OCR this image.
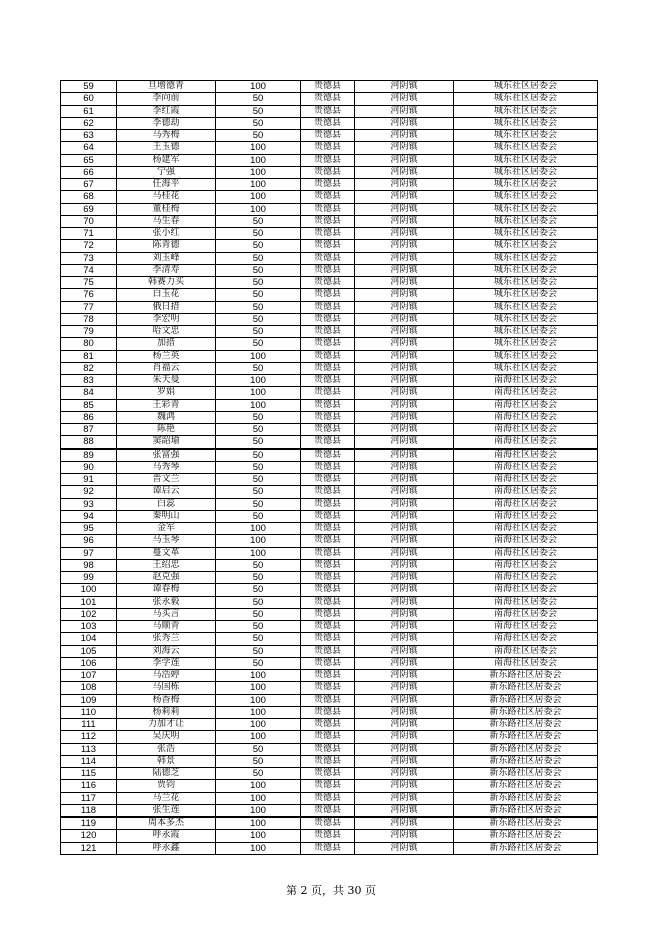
59	旦增德青	100	贵德县	河阴镇	城东社区居委会
60	李向前	50	贵德县	河阴镇	城东社区居委会
61	李红霞	50	贵德县	河阴镇	城东社区居委会
62	李德劫	50	贵德县	河阴镇	城东社区居委会
63	马秀梅	50	贵德县	河阴镇	城东社区居委会
64	王玉德	100	贵德县	河阴镇	城东社区居委会
65	杨建军	100	贵德县	河阴镇	城东社区居委会
66	宁强	100	贵德县	河阴镇	城东社区居委会
67	任海平	100	贵德县	河阴镇	城东社区居委会
68	马桂花	100	贵德县	河阴镇	城东社区居委会
69	董桂梅	100	贵德县	河阴镇	城东社区居委会
70	马生春	50	贵德县	河阴镇	城东社区居委会
71	张小红	50	贵德县	河阴镇	城东社区居委会
72	陈青德	50	贵德县	河阴镇	城东社区居委会
73	刘玉峰	50	贵德县	河阴镇	城东社区居委会
74	李清寿	50	贵德县	河阴镇	城东社区居委会
75	韩赛力买	50	贵德县	河阴镇	城东社区居委会
76	白玉花	50	贵德县	河阴镇	城东社区居委会
77	俄日措	50	贵德县	河阴镇	城东社区居委会
78	李宏明	50	贵德县	河阴镇	城东社区居委会
79	哈文忠	50	贵德县	河阴镇	城东社区居委会
80	加措	50	贵德县	河阴镇	城东社区居委会
81	杨兰英	100	贵德县	河阴镇	城东社区居委会
82	肖福云	50	贵德县	河阴镇	城东社区居委会
83	朱天曼	100	贵德县	河阴镇	南海社区居委会
84	罗娟	100	贵德县	河阴镇	南海社区居委会
85	王彩青	100	贵德县	河阴镇	南海社区居委会
86	魏鸿	50	贵德县	河阴镇	南海社区居委会
87	陈艳	50	贵德县	河阴镇	南海社区居委会
88	窦韶瑜	50	贵德县	河阴镇	南海社区居委会
89	张富强	50	贵德县	河阴镇	南海社区居委会
90	马秀琴	50	贵德县	河阴镇	南海社区居委会
91	晋文兰	50	贵德县	河阴镇	南海社区居委会
92	谭启云	50	贵德县	河阴镇	南海社区居委会
93	白蕊	50	贵德县	河阴镇	南海社区居委会
94	秦明山	50	贵德县	河阴镇	南海社区居委会
95	金军	100	贵德县	河阴镇	南海社区居委会
96	马玉琴	100	贵德县	河阴镇	南海社区居委会
97	蔓文革	100	贵德县	河阴镇	南海社区居委会
98	王绍忠	50	贵德县	河阴镇	南海社区居委会
99	赵克强	50	贵德县	河阴镇	南海社区居委会
100	谭春梅	50	贵德县	河阴镇	南海社区居委会
101	张永毅	50	贵德县	河阴镇	南海社区居委会
102	马买言	50	贵德县	河阴镇	南海社区居委会
103	马顺青	50	贵德县	河阴镇	南海社区居委会
104	张秀兰	50	贵德县	河阴镇	南海社区居委会
105	刘海云	50	贵德县	河阴镇	南海社区居委会
106	李学莲	50	贵德县	河阴镇	南海社区居委会
107	马浩婷	100	贵德县	河阴镇	新东路社区居委会
108	马国栋	100	贵德县	河阴镇	新东路社区居委会
109	杨香梅	100	贵德县	河阴镇	新东路社区居委会
110	杨莉莉	100	贵德县	河阴镇	新东路社区居委会
111	力加才让	100	贵德县	河阴镇	新东路社区居委会
112	吴庆明	100	贵德县	河阴镇	新东路社区居委会
113	张浩	50	贵德县	河阴镇	新东路社区居委会
114	韩景	50	贵德县	河阴镇	新东路社区居委会
115	陆德芝	50	贵德县	河阴镇	新东路社区居委会
116	贾钧	100	贵德县	河阴镇	新东路社区居委会
117	马兰花	100	贵德县	河阴镇	新东路社区居委会
118	张生莲	100	贵德县	河阴镇	新东路社区居委会
119	周本多杰	100	贵德县	河阴镇	新东路社区居委会
120	呼永霞	100	贵德县	河阴镇	新东路社区居委会
121	呼永鑫	100	贵德县	河阴镇	新东路社区居委会
第 2 页，共 30 页
